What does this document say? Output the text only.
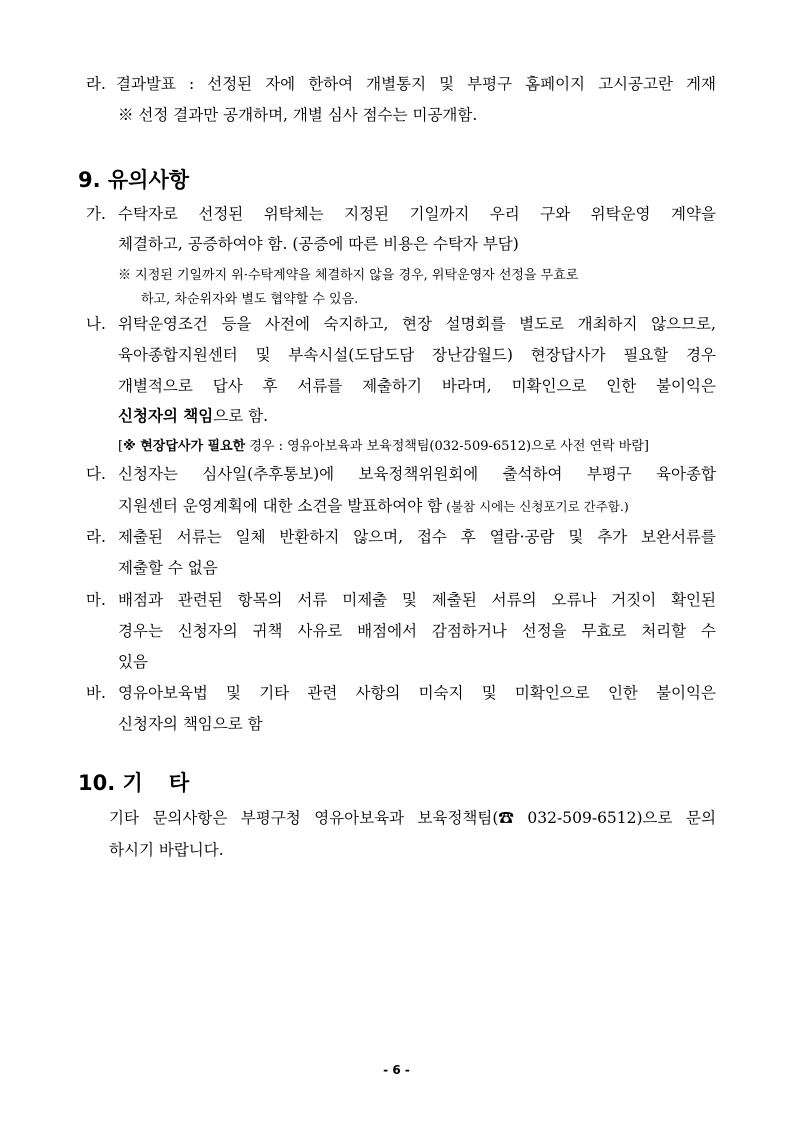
라. 결과발표 : 선정된 자에 한하여 개별통지 및 부평구 홈페이지 고시공고란 게재
※ 선정 결과만 공개하며, 개별 심사 점수는 미공개함.
9. 유의사항
가. 수탁자로 선정된 위탁체는 지정된 기일까지 우리 구와 위탁운영 계약을
체결하고, 공증하여야 함. (공증에 따른 비용은 수탁자 부담)
※ 지정된 기일까지 위·수탁계약을 체결하지 않을 경우, 위탁운영자 선정을 무효로
하고, 차순위자와 별도 협약할 수 있음.
나. 위탁운영조건 등을 사전에 숙지하고, 현장 설명회를 별도로 개최하지 않으므로,
육아종합지원센터 및 부속시설(도담도담 장난감월드) 현장답사가 필요할 경우
개별적으로 답사 후 서류를 제출하기 바라며, 미확인으로 인한 불이익은
신청자의 책임으로 함.
[※ 현장답사가 필요한 경우 : 영유아보육과 보육정책팀(032-509-6512)으로 사전 연락 바람]
다. 신청자는 심사일(추후통보)에 보육정책위원회에 출석하여 부평구 육아종합
지원센터 운영계획에 대한 소견을 발표하여야 함 (불참 시에는 신청포기로 간주함.)
라. 제출된 서류는 일체 반환하지 않으며, 접수 후 열람·공람 및 추가 보완서류를
제출할 수 없음
마. 배점과 관련된 항목의 서류 미제출 및 제출된 서류의 오류나 거짓이 확인된
경우는 신청자의 귀책 사유로 배점에서 감점하거나 선정을 무효로 처리할 수
있음
바. 영유아보육법 및 기타 관련 사항의 미숙지 및 미확인으로 인한 불이익은
신청자의 책임으로 함
10. 기 타
기타 문의사항은 부평구청 영유아보육과 보육정책팀(☎ 032-509-6512)으로 문의
하시기 바랍니다.
- 6 -
